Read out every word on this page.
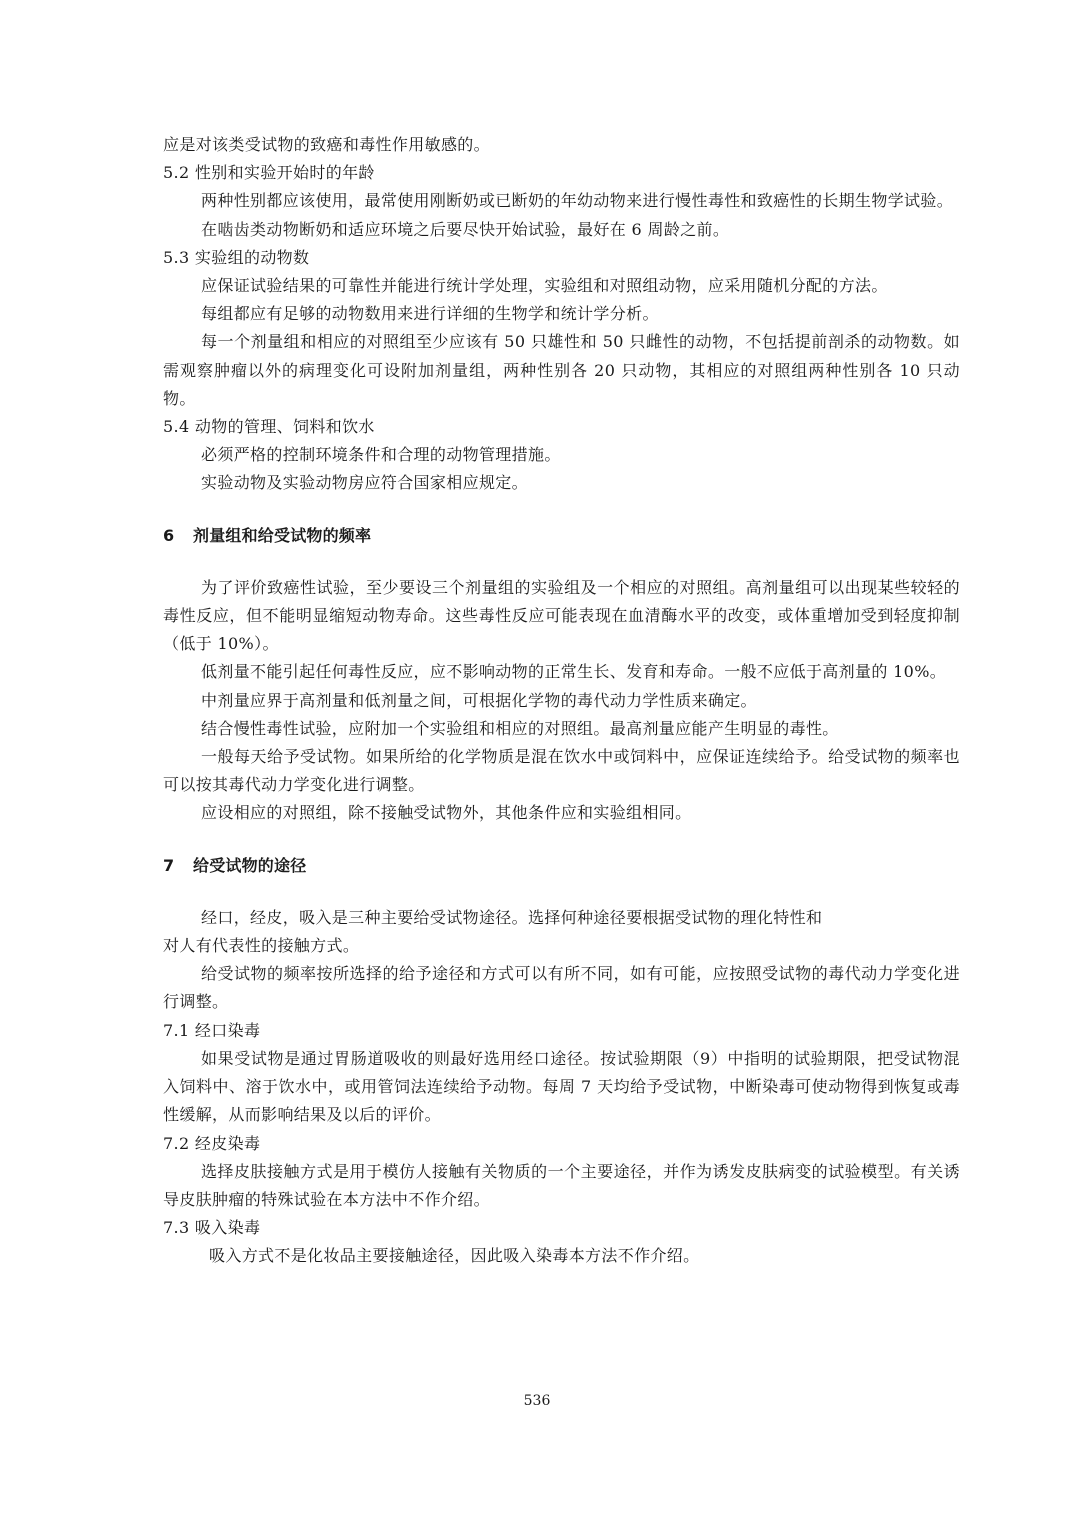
应是对该类受试物的致癌和毒性作用敏感的。

5.2 性别和实验开始时的年龄

两种性别都应该使用，最常使用刚断奶或已断奶的年幼动物来进行慢性毒性和致癌性的长期生物学试验。

在啮齿类动物断奶和适应环境之后要尽快开始试验，最好在 6 周龄之前。

5.3 实验组的动物数

应保证试验结果的可靠性并能进行统计学处理，实验组和对照组动物，应采用随机分配的方法。

每组都应有足够的动物数用来进行详细的生物学和统计学分析。

每一个剂量组和相应的对照组至少应该有 50 只雄性和 50 只雌性的动物，不包括提前剖杀的动物数。如需观察肿瘤以外的病理变化可设附加剂量组，两种性别各 20 只动物，其相应的对照组两种性别各 10 只动物。

5.4 动物的管理、饲料和饮水

必须严格的控制环境条件和合理的动物管理措施。

实验动物及实验动物房应符合国家相应规定。

6 剂量组和给受试物的频率

为了评价致癌性试验，至少要设三个剂量组的实验组及一个相应的对照组。高剂量组可以出现某些较轻的毒性反应，但不能明显缩短动物寿命。这些毒性反应可能表现在血清酶水平的改变，或体重增加受到轻度抑制（低于 10%）。

低剂量不能引起任何毒性反应，应不影响动物的正常生长、发育和寿命。一般不应低于高剂量的 10%。

中剂量应界于高剂量和低剂量之间，可根据化学物的毒代动力学性质来确定。

结合慢性毒性试验，应附加一个实验组和相应的对照组。最高剂量应能产生明显的毒性。

一般每天给予受试物。如果所给的化学物质是混在饮水中或饲料中，应保证连续给予。给受试物的频率也可以按其毒代动力学变化进行调整。

应设相应的对照组，除不接触受试物外，其他条件应和实验组相同。

7 给受试物的途径

经口，经皮，吸入是三种主要给受试物途径。选择何种途径要根据受试物的理化特性和

对人有代表性的接触方式。

给受试物的频率按所选择的给予途径和方式可以有所不同，如有可能，应按照受试物的毒代动力学变化进行调整。

7.1 经口染毒

如果受试物是通过胃肠道吸收的则最好选用经口途径。按试验期限（9）中指明的试验期限，把受试物混入饲料中、溶于饮水中，或用管饲法连续给予动物。每周 7 天均给予受试物，中断染毒可使动物得到恢复或毒性缓解，从而影响结果及以后的评价。

7.2 经皮染毒

选择皮肤接触方式是用于模仿人接触有关物质的一个主要途径，并作为诱发皮肤病变的试验模型。有关诱导皮肤肿瘤的特殊试验在本方法中不作介绍。

7.3 吸入染毒

吸入方式不是化妆品主要接触途径，因此吸入染毒本方法不作介绍。

536
